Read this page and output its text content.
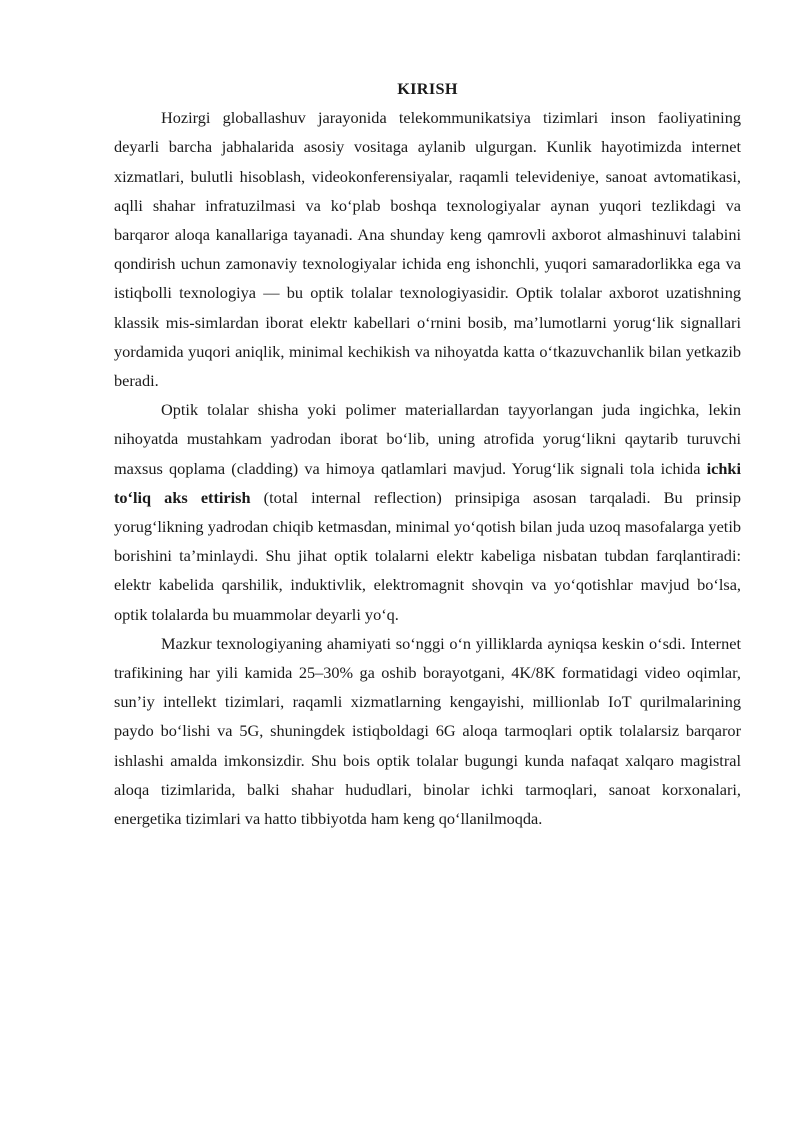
KIRISH

Hozirgi globallashuv jarayonida telekommunikatsiya tizimlari inson faoliyatining deyarli barcha jabhalarida asosiy vositaga aylanib ulgurgan. Kunlik hayotimizda internet xizmatlari, bulutli hisoblash, videokonferensiyalar, raqamli televideniye, sanoat avtomatikasi, aqlli shahar infratuzilmasi va ko‘plab boshqa texnologiyalar aynan yuqori tezlikdagi va barqaror aloqa kanallariga tayanadi. Ana shunday keng qamrovli axborot almashinuvi talabini qondirish uchun zamonaviy texnologiyalar ichida eng ishonchli, yuqori samaradorlikka ega va istiqbolli texnologiya — bu optik tolalar texnologiyasidir. Optik tolalar axborot uzatishning klassik mis-simlardan iborat elektr kabellari o‘rnini bosib, ma’lumotlarni yorug‘lik signallari yordamida yuqori aniqlik, minimal kechikish va nihoyatda katta o‘tkazuvchanlik bilan yetkazib beradi.

Optik tolalar shisha yoki polimer materiallardan tayyorlangan juda ingichka, lekin nihoyatda mustahkam yadrodan iborat bo‘lib, uning atrofida yorug‘likni qaytarib turuvchi maxsus qoplama (cladding) va himoya qatlamlari mavjud. Yorug‘lik signali tola ichida ichki to‘liq aks ettirish (total internal reflection) prinsipiga asosan tarqaladi. Bu prinsip yorug‘likning yadrodan chiqib ketmasdan, minimal yo‘qotish bilan juda uzoq masofalarga yetib borishini ta’minlaydi. Shu jihat optik tolalarni elektr kabeliga nisbatan tubdan farqlantiradi: elektr kabelida qarshilik, induktivlik, elektromagnit shovqin va yo‘qotishlar mavjud bo‘lsa, optik tolalarda bu muammolar deyarli yo‘q.

Mazkur texnologiyaning ahamiyati so‘nggi o‘n yilliklarda ayniqsa keskin o‘sdi. Internet trafikining har yili kamida 25–30% ga oshib borayotgani, 4K/8K formatidagi video oqimlar, sun’iy intellekt tizimlari, raqamli xizmatlarning kengayishi, millionlab IoT qurilmalarining paydo bo‘lishi va 5G, shuningdek istiqboldagi 6G aloqa tarmoqlari optik tolalarsiz barqaror ishlashi amalda imkonsizdir. Shu bois optik tolalar bugungi kunda nafaqat xalqaro magistral aloqa tizimlarida, balki shahar hududlari, binolar ichki tarmoqlari, sanoat korxonalari, energetika tizimlari va hatto tibbiyotda ham keng qo‘llanilmoqda.
